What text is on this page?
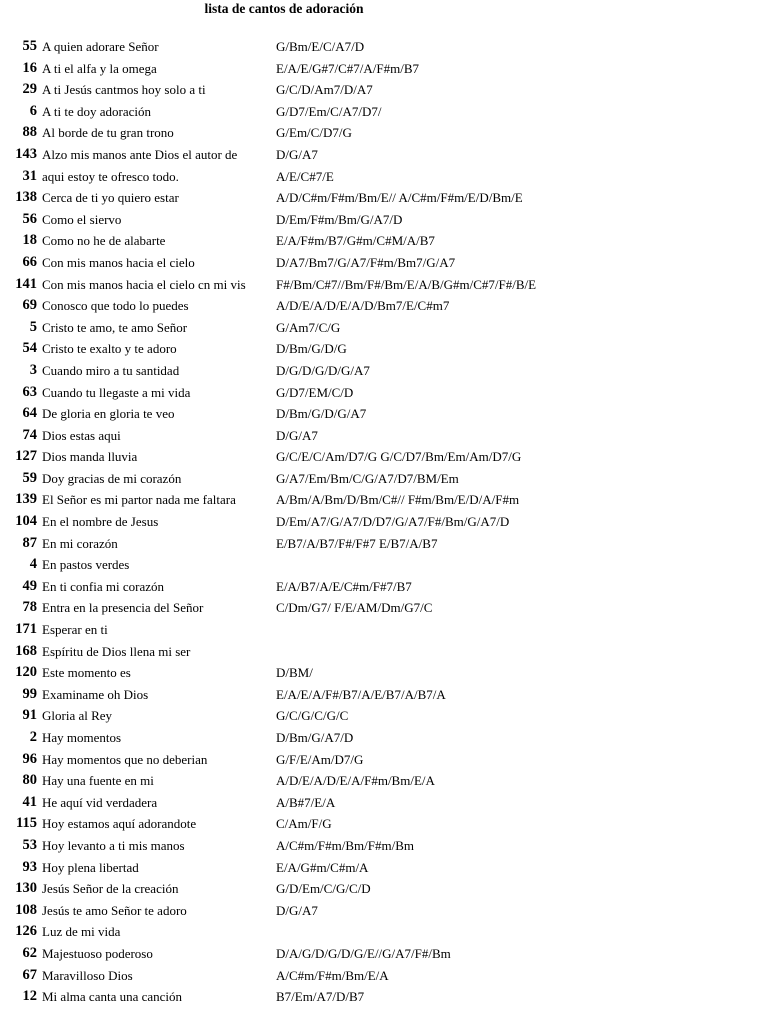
lista de cantos de adoración
55 A quien adorare Señor	G/Bm/E/C/A7/D
16 A ti el alfa y la omega	E/A/E/G#7/C#7/A/F#m/B7
29 A ti Jesús cantmos hoy solo a ti	G/C/D/Am7/D/A7
6 A ti te doy adoración	G/D7/Em/C/A7/D7/
88 Al borde de tu gran trono	G/Em/C/D7/G
143 Alzo mis manos ante Dios el autor de	D/G/A7
31 aqui estoy te ofresco todo.	A/E/C#7/E
138 Cerca de ti yo quiero estar	A/D/C#m/F#m/Bm/E// A/C#m/F#m/E/D/Bm/E
56 Como el siervo	D/Em/F#m/Bm/G/A7/D
18 Como no he de alabarte	E/A/F#m/B7/G#m/C#M/A/B7
66 Con mis manos hacia el cielo	D/A7/Bm7/G/A7/F#m/Bm7/G/A7
141 Con mis manos hacia el cielo cn mi vis	F#/Bm/C#7//Bm/F#/Bm/E/A/B/G#m/C#7/F#/B/E
69 Conosco que todo lo puedes	A/D/E/A/D/E/A/D/Bm7/E/C#m7
5 Cristo te amo, te amo Señor	G/Am7/C/G
54 Cristo te exalto y te adoro	D/Bm/G/D/G
3 Cuando miro a tu santidad	D/G/D/G/D/G/A7
63 Cuando tu llegaste a mi vida	G/D7/EM/C/D
64 De gloria en gloria te veo	D/Bm/G/D/G/A7
74 Dios estas aqui	D/G/A7
127 Dios manda lluvia	G/C/E/C/Am/D7/G G/C/D7/Bm/Em/Am/D7/G
59 Doy gracias de mi corazón	G/A7/Em/Bm/C/G/A7/D7/BM/Em
139 El Señor es mi partor nada me faltara	A/Bm/A/Bm/D/Bm/C#// F#m/Bm/E/D/A/F#m
104 En el nombre de Jesus	D/Em/A7/G/A7/D/D7/G/A7/F#/Bm/G/A7/D
87 En mi corazón	E/B7/A/B7/F#/F#7 E/B7/A/B7
4 En pastos verdes
49 En ti confia mi corazón	E/A/B7/A/E/C#m/F#7/B7
78 Entra en la presencia del Señor	C/Dm/G7/ F/E/AM/Dm/G7/C
171 Esperar en ti
168 Espíritu de Dios llena mi ser
120 Este momento es	D/BM/
99 Examiname oh Dios	E/A/E/A/F#/B7/A/E/B7/A/B7/A
91 Gloria al Rey	G/C/G/C/G/C
2 Hay momentos	D/Bm/G/A7/D
96 Hay momentos que no deberian	G/F/E/Am/D7/G
80 Hay una fuente en mi	A/D/E/A/D/E/A/F#m/Bm/E/A
41 He aquí vid verdadera	A/B#7/E/A
115 Hoy estamos aquí adorandote	C/Am/F/G
53 Hoy levanto a ti mis manos	A/C#m/F#m/Bm/F#m/Bm
93 Hoy plena libertad	E/A/G#m/C#m/A
130 Jesús Señor de la creación	G/D/Em/C/G/C/D
108 Jesús te amo Señor te adoro	D/G/A7
126 Luz de mi vida
62 Majestuoso poderoso	D/A/G/D/G/D/G/E//G/A7/F#/Bm
67 Maravilloso Dios	A/C#m/F#m/Bm/E/A
12 Mi alma canta una canción	B7/Em/A7/D/B7
